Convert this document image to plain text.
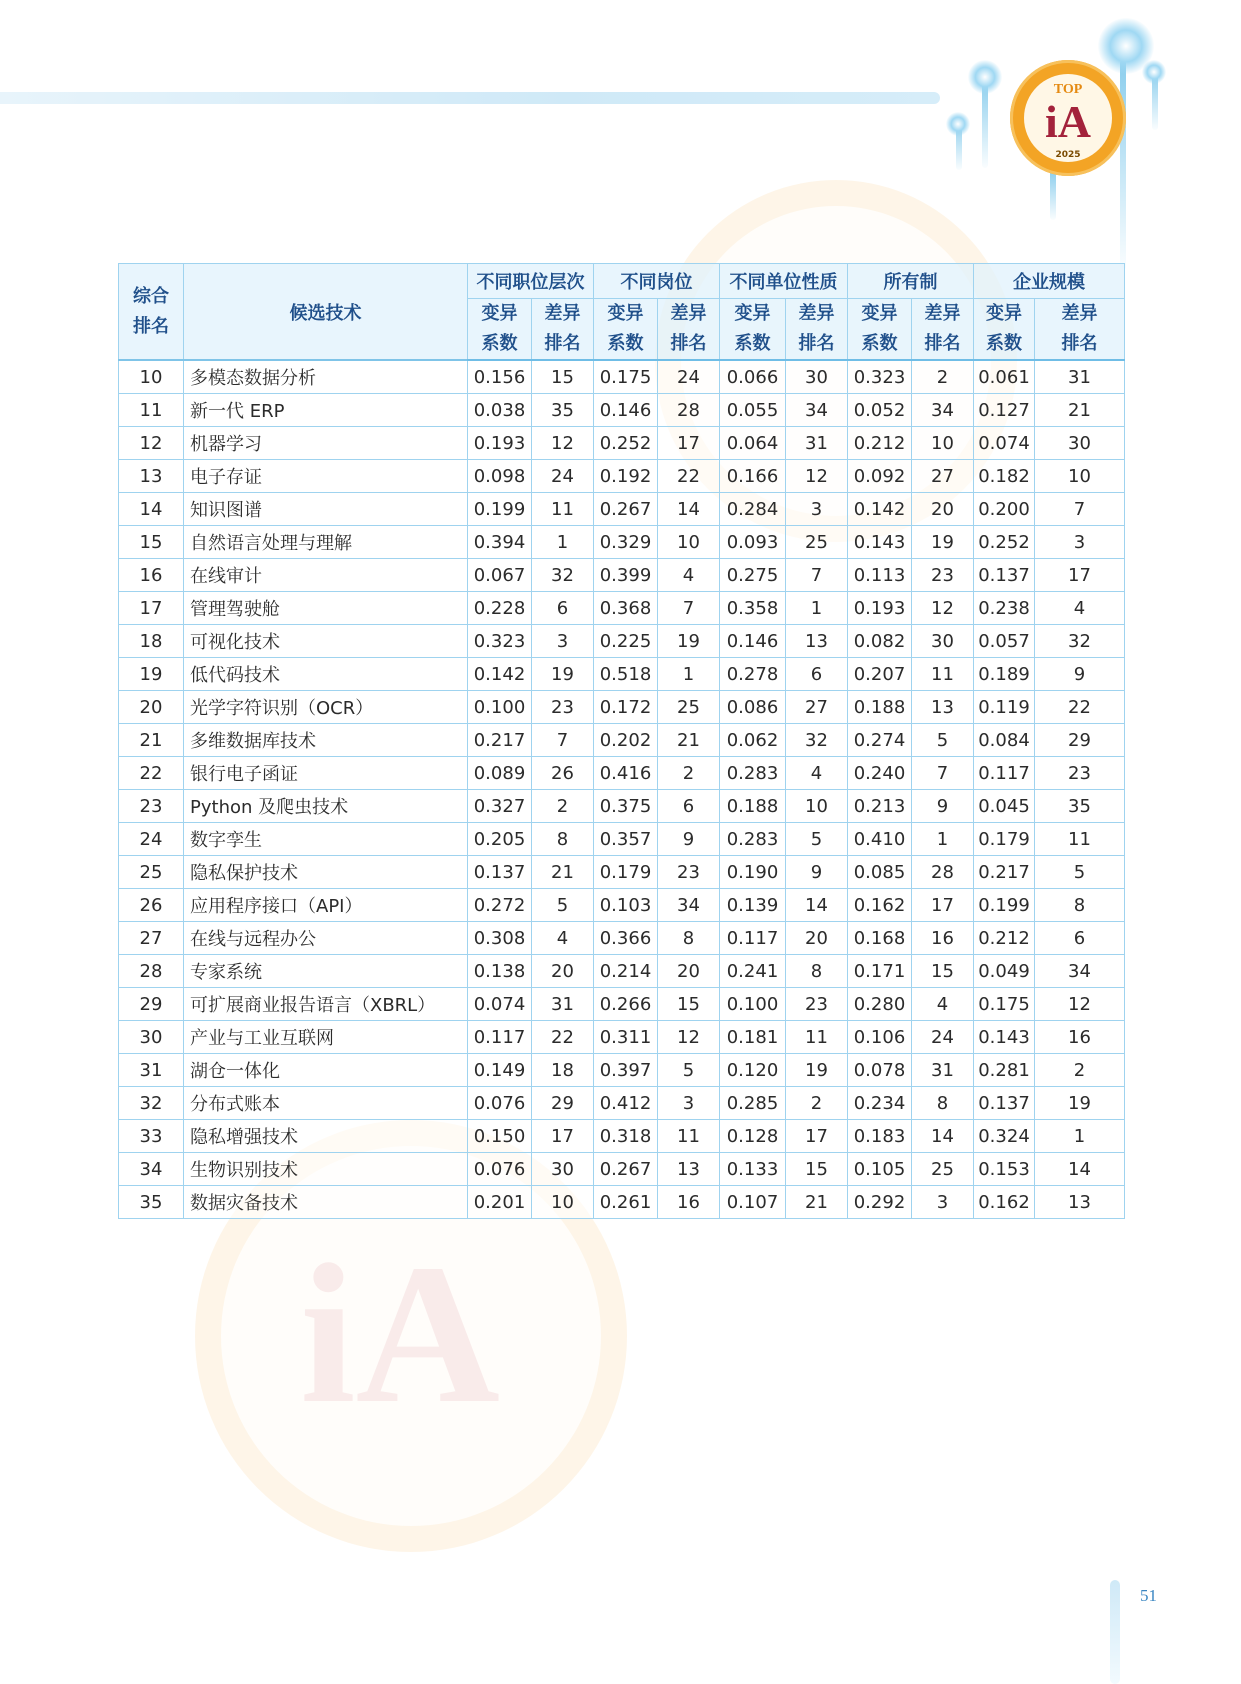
iA
TOP
iA
2025
综合排名	候选技术	不同职位层次		不同岗位		不同单位性质		所有制		企业规模	
		变异系数	差异排名	变异系数	差异排名	变异系数	差异排名	变异系数	差异排名	变异系数	差异排名
10	多模态数据分析	0.156	15	0.175	24	0.066	30	0.323	2	0.061	31
11	新一代 ERP	0.038	35	0.146	28	0.055	34	0.052	34	0.127	21
12	机器学习	0.193	12	0.252	17	0.064	31	0.212	10	0.074	30
13	电子存证	0.098	24	0.192	22	0.166	12	0.092	27	0.182	10
14	知识图谱	0.199	11	0.267	14	0.284	3	0.142	20	0.200	7
15	自然语言处理与理解	0.394	1	0.329	10	0.093	25	0.143	19	0.252	3
16	在线审计	0.067	32	0.399	4	0.275	7	0.113	23	0.137	17
17	管理驾驶舱	0.228	6	0.368	7	0.358	1	0.193	12	0.238	4
18	可视化技术	0.323	3	0.225	19	0.146	13	0.082	30	0.057	32
19	低代码技术	0.142	19	0.518	1	0.278	6	0.207	11	0.189	9
20	光学字符识别（OCR）	0.100	23	0.172	25	0.086	27	0.188	13	0.119	22
21	多维数据库技术	0.217	7	0.202	21	0.062	32	0.274	5	0.084	29
22	银行电子函证	0.089	26	0.416	2	0.283	4	0.240	7	0.117	23
23	Python 及爬虫技术	0.327	2	0.375	6	0.188	10	0.213	9	0.045	35
24	数字孪生	0.205	8	0.357	9	0.283	5	0.410	1	0.179	11
25	隐私保护技术	0.137	21	0.179	23	0.190	9	0.085	28	0.217	5
26	应用程序接口（API）	0.272	5	0.103	34	0.139	14	0.162	17	0.199	8
27	在线与远程办公	0.308	4	0.366	8	0.117	20	0.168	16	0.212	6
28	专家系统	0.138	20	0.214	20	0.241	8	0.171	15	0.049	34
29	可扩展商业报告语言（XBRL）	0.074	31	0.266	15	0.100	23	0.280	4	0.175	12
30	产业与工业互联网	0.117	22	0.311	12	0.181	11	0.106	24	0.143	16
31	湖仓一体化	0.149	18	0.397	5	0.120	19	0.078	31	0.281	2
32	分布式账本	0.076	29	0.412	3	0.285	2	0.234	8	0.137	19
33	隐私增强技术	0.150	17	0.318	11	0.128	17	0.183	14	0.324	1
34	生物识别技术	0.076	30	0.267	13	0.133	15	0.105	25	0.153	14
35	数据灾备技术	0.201	10	0.261	16	0.107	21	0.292	3	0.162	13
51
